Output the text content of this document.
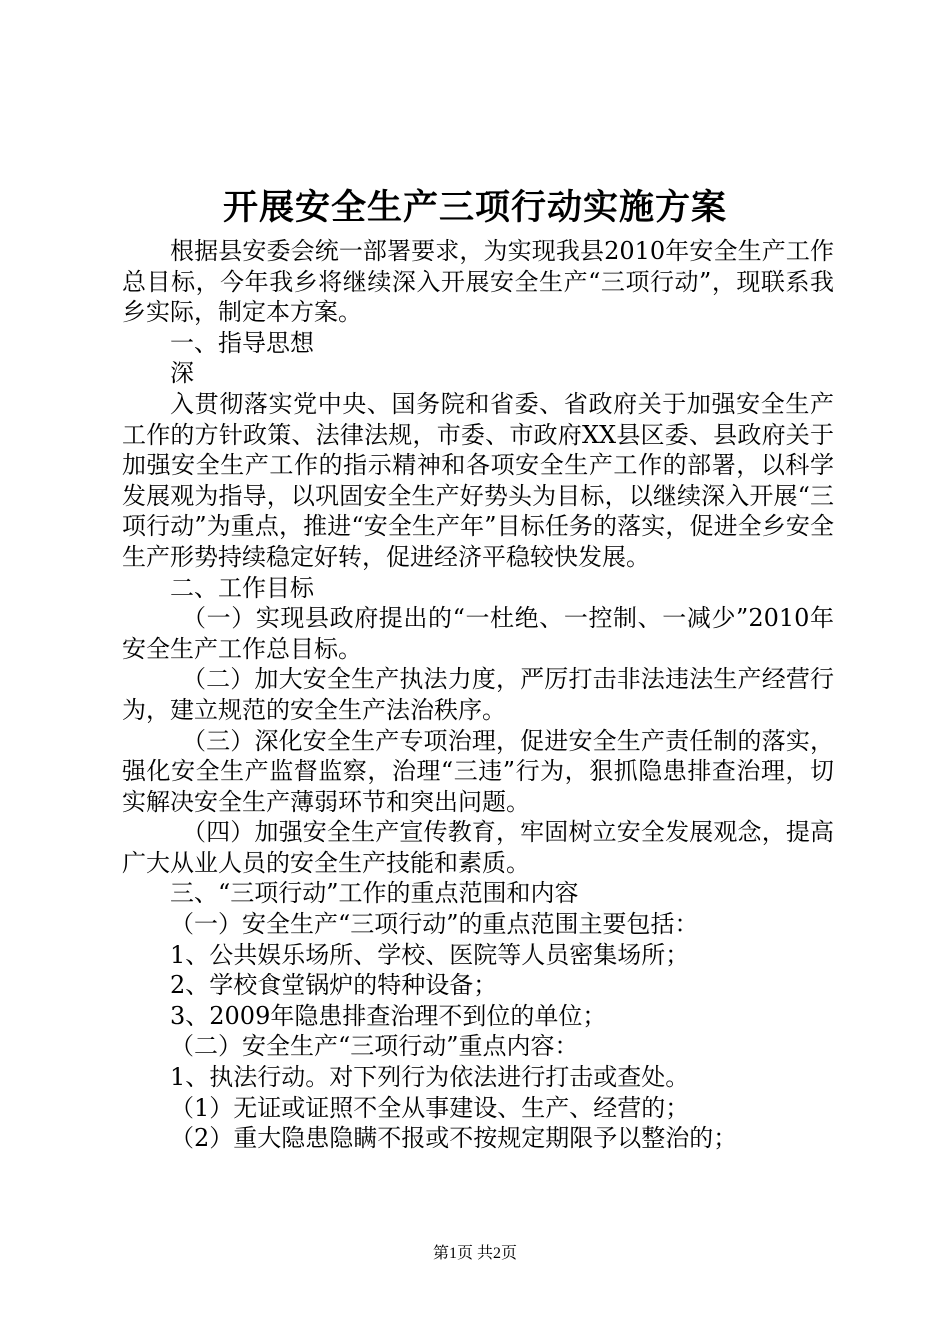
开展安全生产三项行动实施方案

根据县安委会统一部署要求，为实现我县2010年安全生产工作总目标，今年我乡将继续深入开展安全生产“三项行动”，现联系我乡实际，制定本方案。

一、指导思想

深

入贯彻落实党中央、国务院和省委、省政府关于加强安全生产工作的方针政策、法律法规，市委、市政府XX县区委、县政府关于加强安全生产工作的指示精神和各项安全生产工作的部署，以科学发展观为指导，以巩固安全生产好势头为目标，以继续深入开展“三项行动”为重点，推进“安全生产年”目标任务的落实，促进全乡安全生产形势持续稳定好转，促进经济平稳较快发展。

二、工作目标

（一）实现县政府提出的“一杜绝、一控制、一减少”2010年安全生产工作总目标。

（二）加大安全生产执法力度，严厉打击非法违法生产经营行为，建立规范的安全生产法治秩序。

（三）深化安全生产专项治理，促进安全生产责任制的落实，强化安全生产监督监察，治理“三违”行为，狠抓隐患排查治理，切实解决安全生产薄弱环节和突出问题。

（四）加强安全生产宣传教育，牢固树立安全发展观念，提高广大从业人员的安全生产技能和素质。

三、“三项行动”工作的重点范围和内容

（一）安全生产“三项行动”的重点范围主要包括：

1、公共娱乐场所、学校、医院等人员密集场所；

2、学校食堂锅炉的特种设备；

3、2009年隐患排查治理不到位的单位；

（二）安全生产“三项行动”重点内容：

1、执法行动。对下列行为依法进行打击或查处。

（1）无证或证照不全从事建设、生产、经营的；

（2）重大隐患隐瞒不报或不按规定期限予以整治的；

第1页 共2页
